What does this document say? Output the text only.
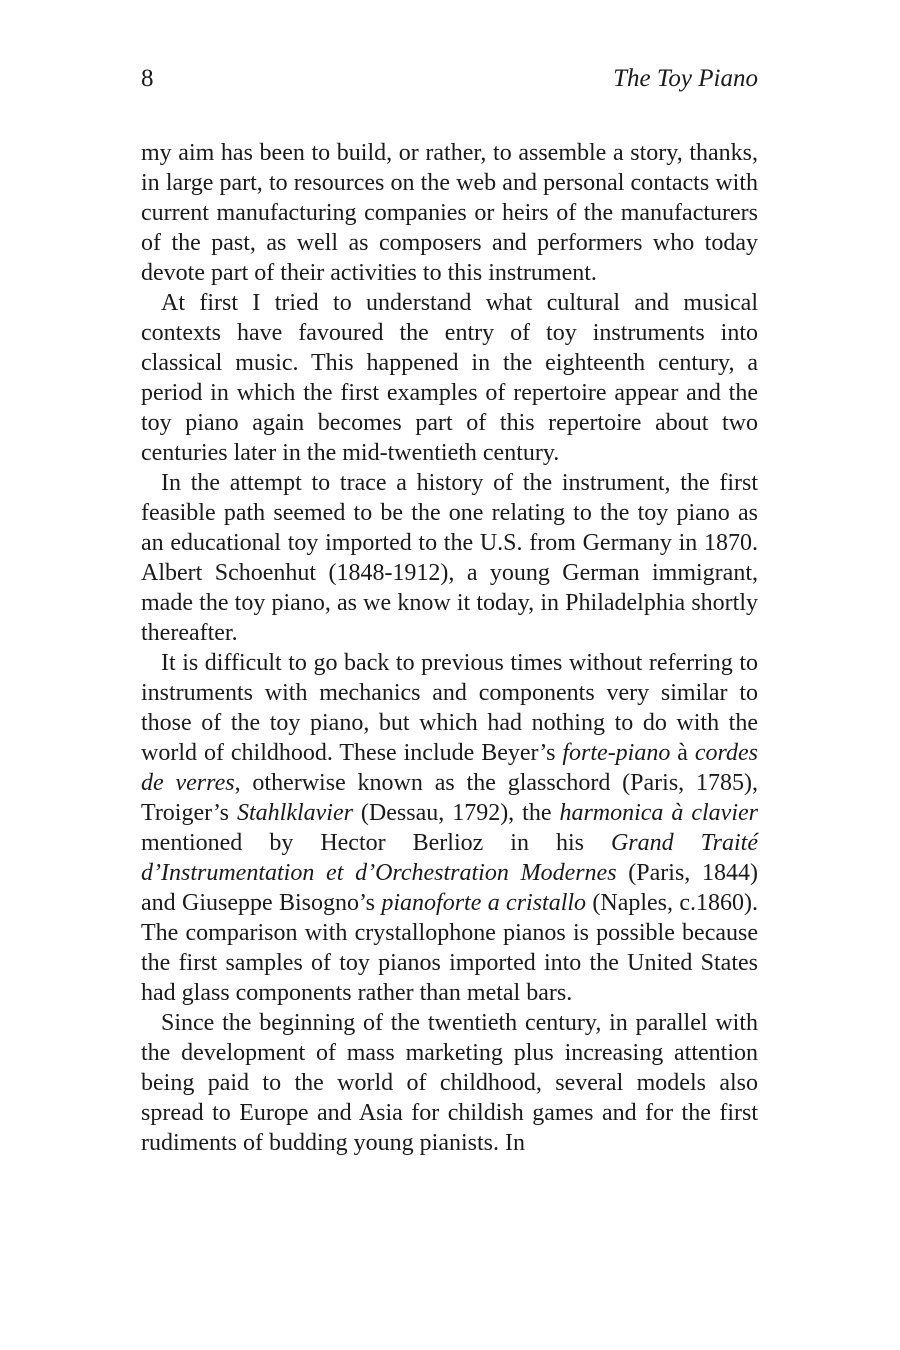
8	The Toy Piano

my aim has been to build, or rather, to assemble a story, thanks, in large part, to resources on the web and personal contacts with current manufacturing companies or heirs of the manufacturers of the past, as well as composers and performers who today devote part of their activities to this instrument.

At first I tried to understand what cultural and musical contexts have favoured the entry of toy instruments into classical music. This happened in the eighteenth century, a period in which the first examples of repertoire appear and the toy piano again becomes part of this repertoire about two centuries later in the mid-twentieth century.

In the attempt to trace a history of the instrument, the first feasible path seemed to be the one relating to the toy piano as an educational toy imported to the U.S. from Germany in 1870. Albert Schoenhut (1848-1912), a young German immigrant, made the toy piano, as we know it today, in Philadelphia shortly thereafter.

It is difficult to go back to previous times without referring to instruments with mechanics and components very similar to those of the toy piano, but which had nothing to do with the world of childhood. These include Beyer’s forte-piano à cordes de verres, otherwise known as the glasschord (Paris, 1785), Troiger’s Stahlklavier (Dessau, 1792), the harmonica à clavier mentioned by Hector Berlioz in his Grand Traité d’Instrumentation et d’Orchestration Modernes (Paris, 1844) and Giuseppe Bisogno’s pianoforte a cristallo (Naples, c.1860). The comparison with crystallophone pianos is possible because the first samples of toy pianos imported into the United States had glass components rather than metal bars.

Since the beginning of the twentieth century, in parallel with the development of mass marketing plus increasing attention being paid to the world of childhood, several models also spread to Europe and Asia for childish games and for the first rudiments of budding young pianists. In
